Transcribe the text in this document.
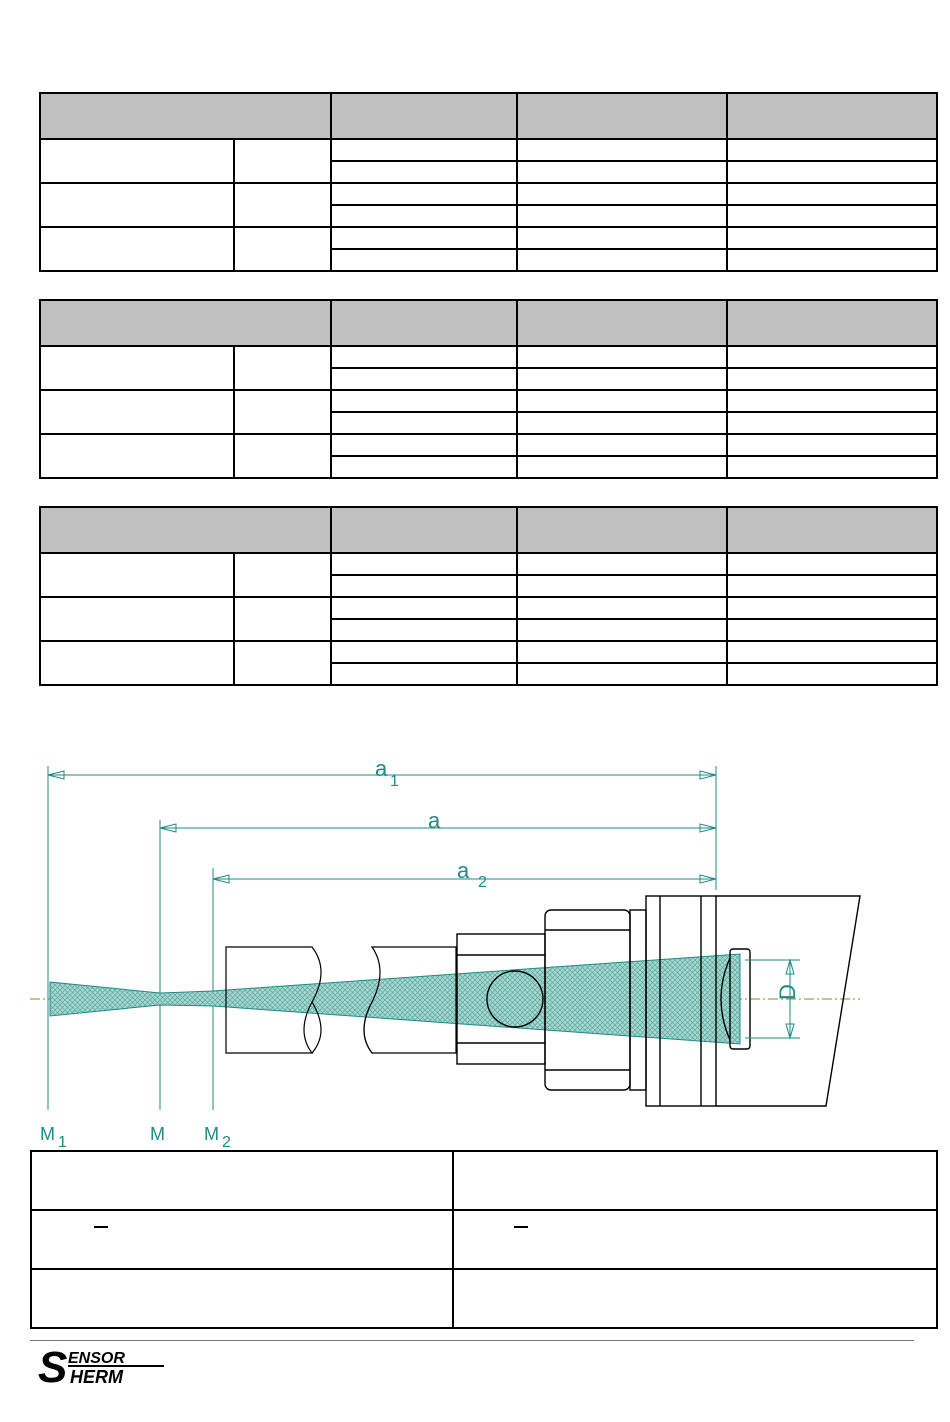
a
1
a
a 2
D
M 1	M M 2

S ENSOR
HERM
